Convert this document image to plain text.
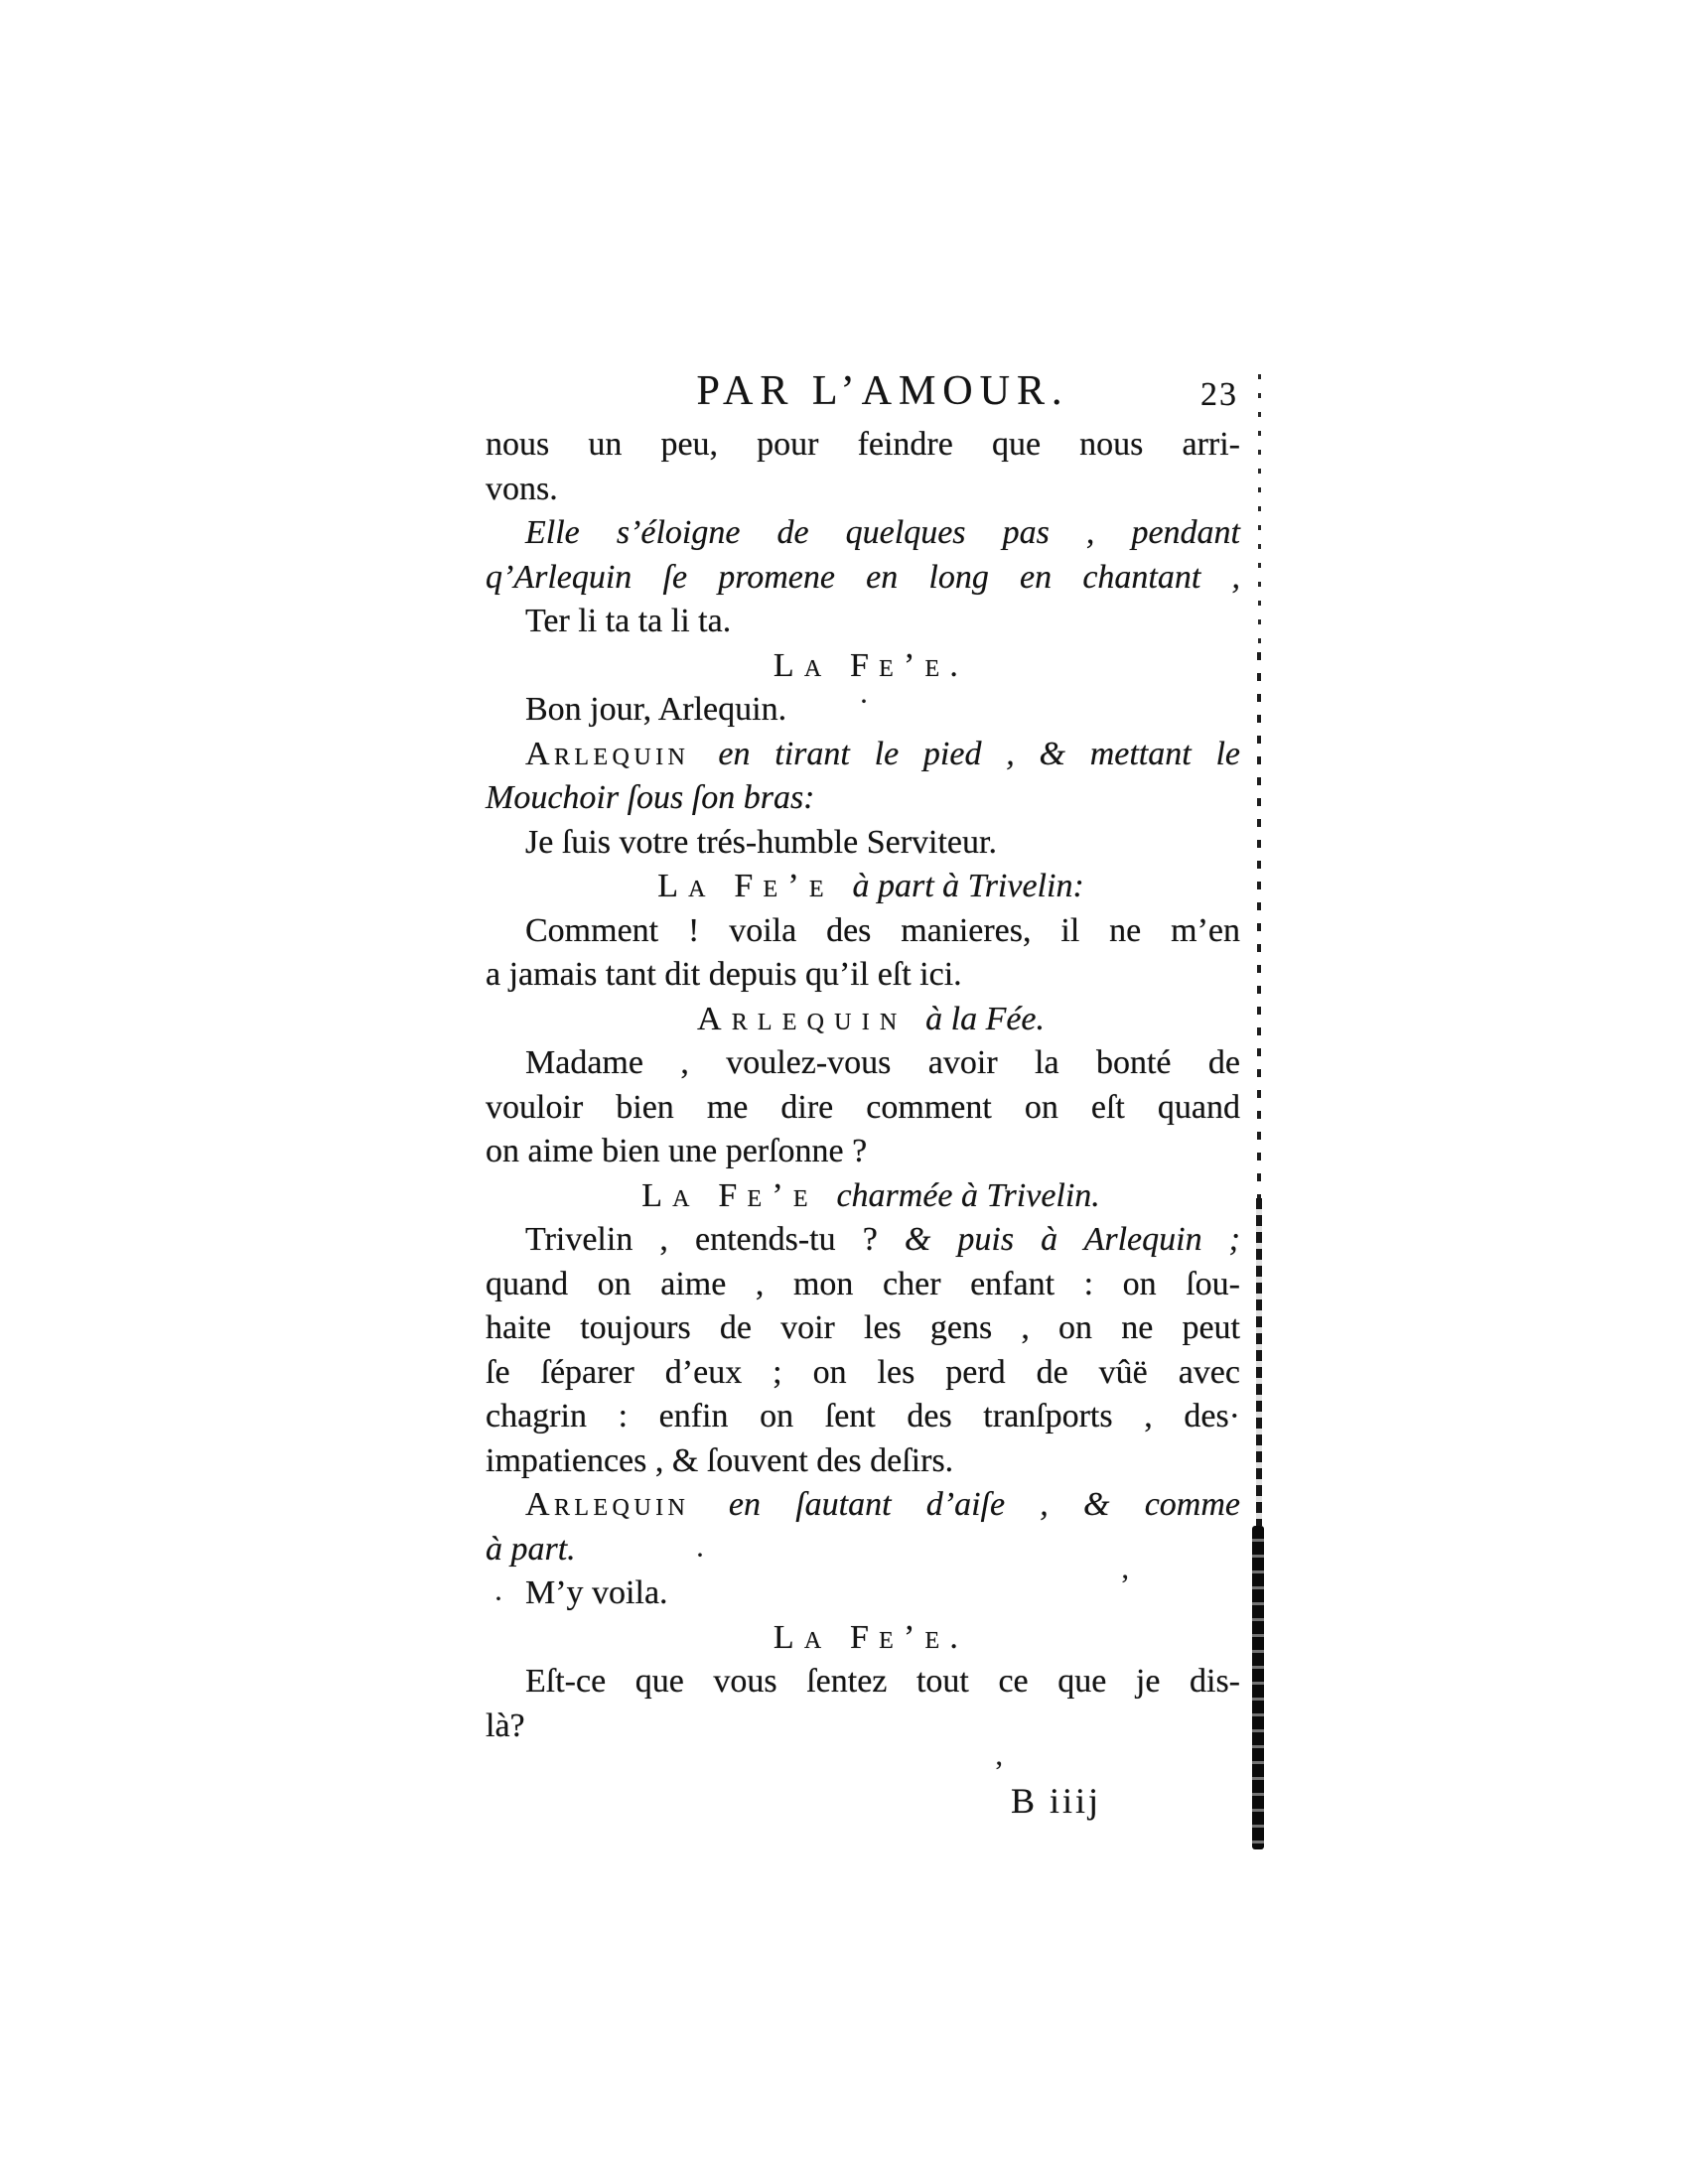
PAR L’AMOUR.	23
nous un peu, pour feindre que nous arri-
vons.
Elle s’éloigne de quelques pas , pendant
q’Arlequin ſe promene en long en chantant ,
Ter li ta ta li ta.
La Fe’e.
Bon jour, Arlequin.
Arlequin en tirant le pied , & mettant le
Mouchoir ſous ſon bras:
Je ſuis votre trés-humble Serviteur.
La Fe’e à part à Trivelin:
Comment ! voila des manieres, il ne m’en
a jamais tant dit depuis qu’il eſt ici.
Arlequin à la Fée.
Madame , voulez-vous avoir la bonté de
vouloir bien me dire comment on eſt quand
on aime bien une perſonne ?
La Fe’e charmée à Trivelin.
Trivelin , entends-tu ? & puis à Arlequin ;
quand on aime , mon cher enfant : on ſou-
haite toujours de voir les gens , on ne peut
ſe ſéparer d’eux ; on les perd de vûë avec
chagrin : enfin on ſent des tranſports , des·
impatiences , & ſouvent des deſirs.
Arlequin en ſautant d’aiſe , & comme
à part.
M’y voila.
La Fe’e.
Eſt-ce que vous ſentez tout ce que je dis-
là?
B iiij
’
’
·
·
·
